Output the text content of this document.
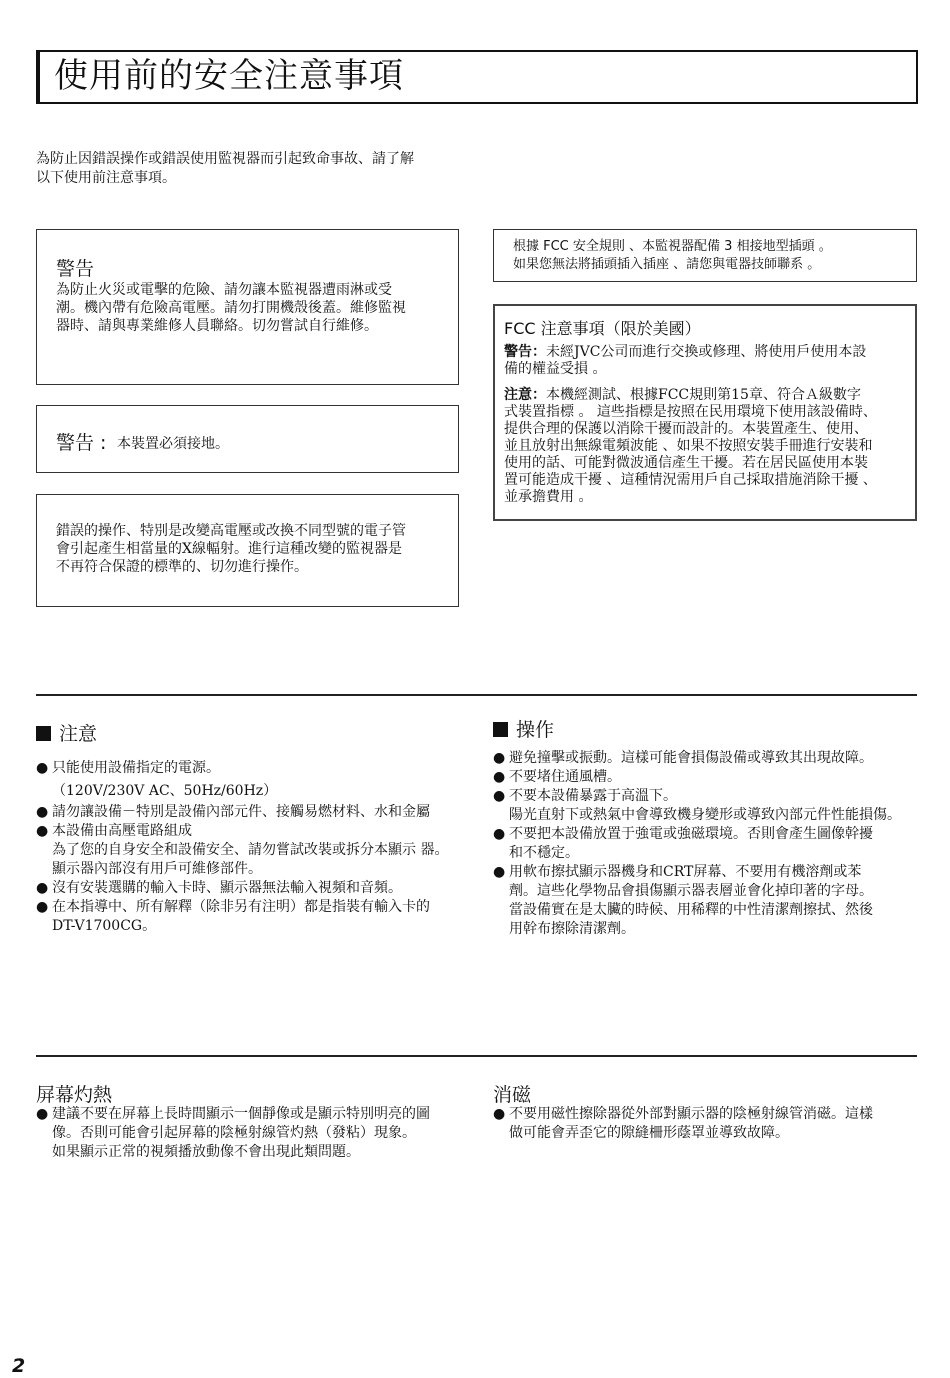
使用前的安全注意事項
為防止因錯誤操作或錯誤使用監視器而引起致命事故、請了解
以下使用前注意事項。
警告
為防止火災或電擊的危險、請勿讓本監視器遭雨淋或受
潮。機內帶有危險高電壓。請勿打開機殼後蓋。維修監視
器時、請與專業維修人員聯絡。切勿嘗試自行維修。
警告 : 本裝置必須接地。
錯誤的操作、特別是改變高電壓或改換不同型號的電子管
會引起產生相當量的X線輻射。進行這種改變的監視器是
不再符合保證的標準的、切勿進行操作。
根據 FCC 安全規則 、本監視器配備 3 相接地型插頭 。
如果您無法將插頭插入插座 、請您與電器技師聯系 。
FCC 注意事項（限於美國）
警告：未經JVC公司而進行交換或修理、將使用戶使用本設
備的權益受損 。
注意：本機經測試、根據FCC規則第15章、符合Ａ級數字
式裝置指標 。 這些指標是按照在民用環境下使用該設備時、
提供合理的保護以消除干擾而設計的。本裝置產生、使用、
並且放射出無線電頻波能 、如果不按照安裝手冊進行安裝和
使用的話、可能對微波通信產生干擾。若在居民區使用本裝
置可能造成干擾 、這種情況需用戶自己採取措施消除干擾 、
並承擔費用 。
注意
● 只能使用設備指定的電源。
（120V/230V AC、50Hz/60Hz）
● 請勿讓設備－特別是設備內部元件、接觸易燃材料、水和金屬
● 本設備由高壓電路組成
為了您的自身安全和設備安全、請勿嘗試改裝或拆分本顯示 器。
顯示器內部沒有用戶可維修部件。
● 沒有安裝選購的輸入卡時、顯示器無法輸入視頻和音頻。
● 在本指導中、所有解釋（除非另有注明）都是指裝有輸入卡的
DT-V1700CG。
操作
● 避免撞擊或振動。這樣可能會損傷設備或導致其出現故障。
● 不要堵住通風槽。
● 不要本設備暴露于高溫下。
陽光直射下或熱氣中會導致機身變形或導致內部元件性能損傷。
● 不要把本設備放置于強電或強磁環境。否則會產生圖像幹擾
和不穩定。
● 用軟布擦拭顯示器機身和CRT屏幕、不要用有機溶劑或苯
劑。這些化學物品會損傷顯示器表層並會化掉印著的字母。
當設備實在是太臟的時候、用稀釋的中性清潔劑擦拭、然後
用幹布擦除清潔劑。
屏幕灼熱
● 建議不要在屏幕上長時間顯示一個靜像或是顯示特別明亮的圖
像。否則可能會引起屏幕的陰極射線管灼熱（發粘）現象。
如果顯示正常的視頻播放動像不會出現此類問題。
消磁
● 不要用磁性擦除器從外部對顯示器的陰極射線管消磁。這樣
做可能會弄歪它的隙縫柵形蔭罩並導致故障。
2
